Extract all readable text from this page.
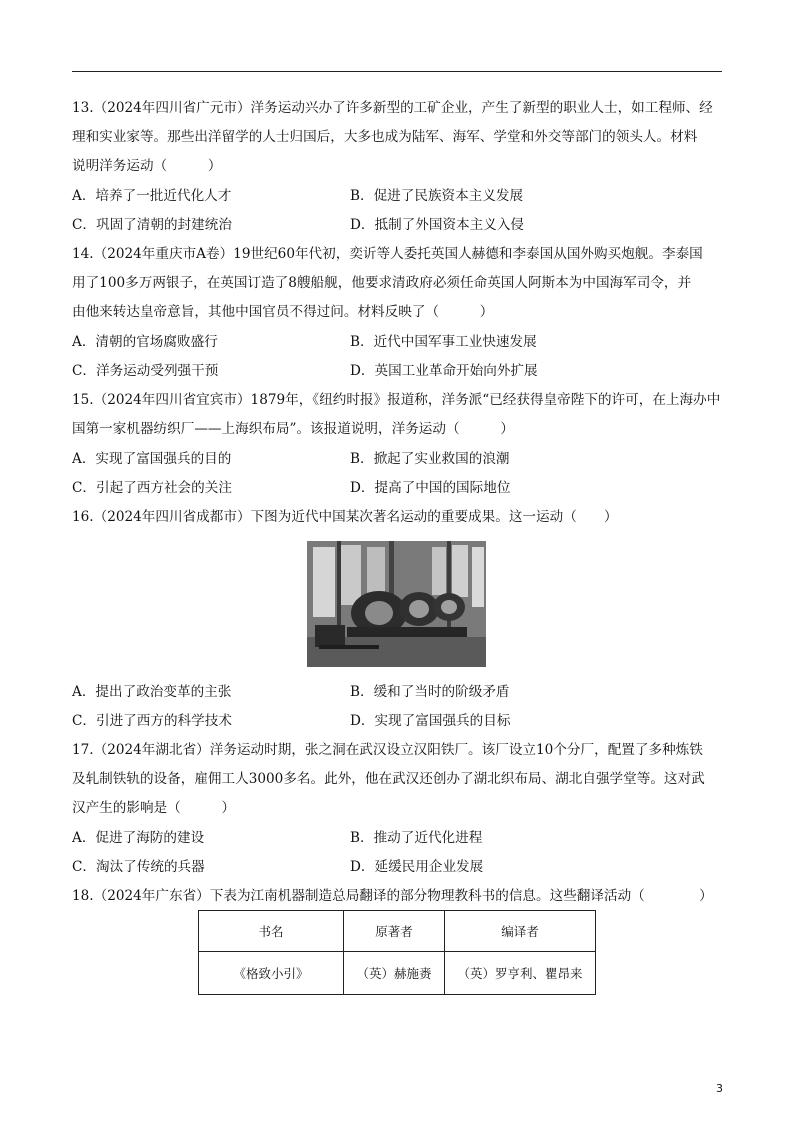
13.（2024年四川省广元市）洋务运动兴办了许多新型的工矿企业，产生了新型的职业人士，如工程师、经
理和实业家等。那些出洋留学的人士归国后，大多也成为陆军、海军、学堂和外交等部门的领头人。材料
说明洋务运动（　　　）
A．培养了一批近代化人才	B．促进了民族资本主义发展
C．巩固了清朝的封建统治	D．抵制了外国资本主义入侵
14.（2024年重庆市A卷）19世纪60年代初，奕䜣等人委托英国人赫德和李泰国从国外购买炮舰。李泰国
用了100多万两银子，在英国订造了8艘船舰，他要求清政府必须任命英国人阿斯本为中国海军司令，并
由他来转达皇帝意旨，其他中国官员不得过问。材料反映了（　　　）
A．清朝的官场腐败盛行	B．近代中国军事工业快速发展
C．洋务运动受列强干预	D．英国工业革命开始向外扩展
15.（2024年四川省宜宾市）1879年，《纽约时报》报道称，洋务派“已经获得皇帝陛下的许可，在上海办中
国第一家机器纺织厂——上海织布局”。该报道说明，洋务运动（　　　）
A．实现了富国强兵的目的	B．掀起了实业救国的浪潮
C．引起了西方社会的关注	D．提高了中国的国际地位
16.（2024年四川省成都市）下图为近代中国某次著名运动的重要成果。这一运动（　　）
A．提出了政治变革的主张	B．缓和了当时的阶级矛盾
C．引进了西方的科学技术	D．实现了富国强兵的目标
17.（2024年湖北省）洋务运动时期，张之洞在武汉设立汉阳铁厂。该厂设立10个分厂，配置了多种炼铁
及轧制铁轨的设备，雇佣工人3000多名。此外，他在武汉还创办了湖北织布局、湖北自强学堂等。这对武
汉产生的影响是（　　　）
A．促进了海防的建设	B．推动了近代化进程
C．淘汰了传统的兵器	D．延缓民用企业发展
18.（2024年广东省）下表为江南机器制造总局翻译的部分物理教科书的信息。这些翻译活动（　　　　）
书名	原著者	编译者
《格致小引》	（英）赫施赉	（英）罗亨利、瞿昂来
3
